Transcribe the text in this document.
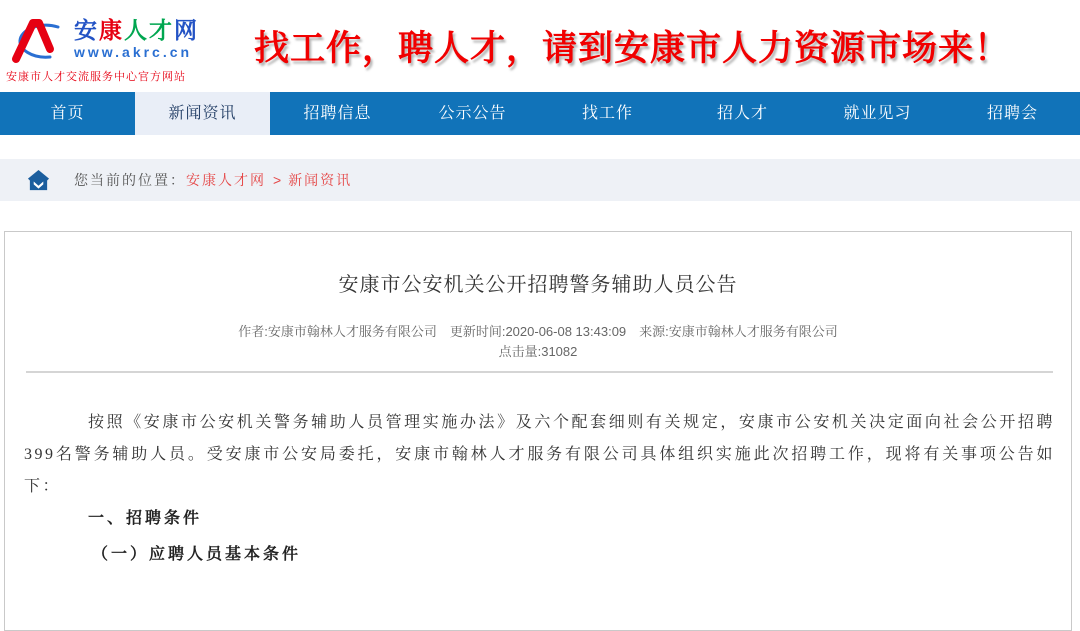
安康人才网
www.akrc.cn
安康市人才交流服务中心官方网站
找工作，聘人才，请到安康市人力资源市场来！
首页	新闻资讯	招聘信息	公示公告	找工作	招人才	就业见习	招聘会
您当前的位置： 安康人才网 > 新闻资讯
安康市公安机关公开招聘警务辅助人员公告
作者:安康市翰林人才服务有限公司　更新时间:2020-06-08 13:43:09　来源:安康市翰林人才服务有限公司　点击量:31082

按照《安康市公安机关警务辅助人员管理实施办法》及六个配套细则有关规定，安康市公安机关决定面向社会公开招聘399名警务辅助人员。受安康市公安局委托，安康市翰林人才服务有限公司具体组织实施此次招聘工作，现将有关事项公告如下：

一、招聘条件
（一）应聘人员基本条件
